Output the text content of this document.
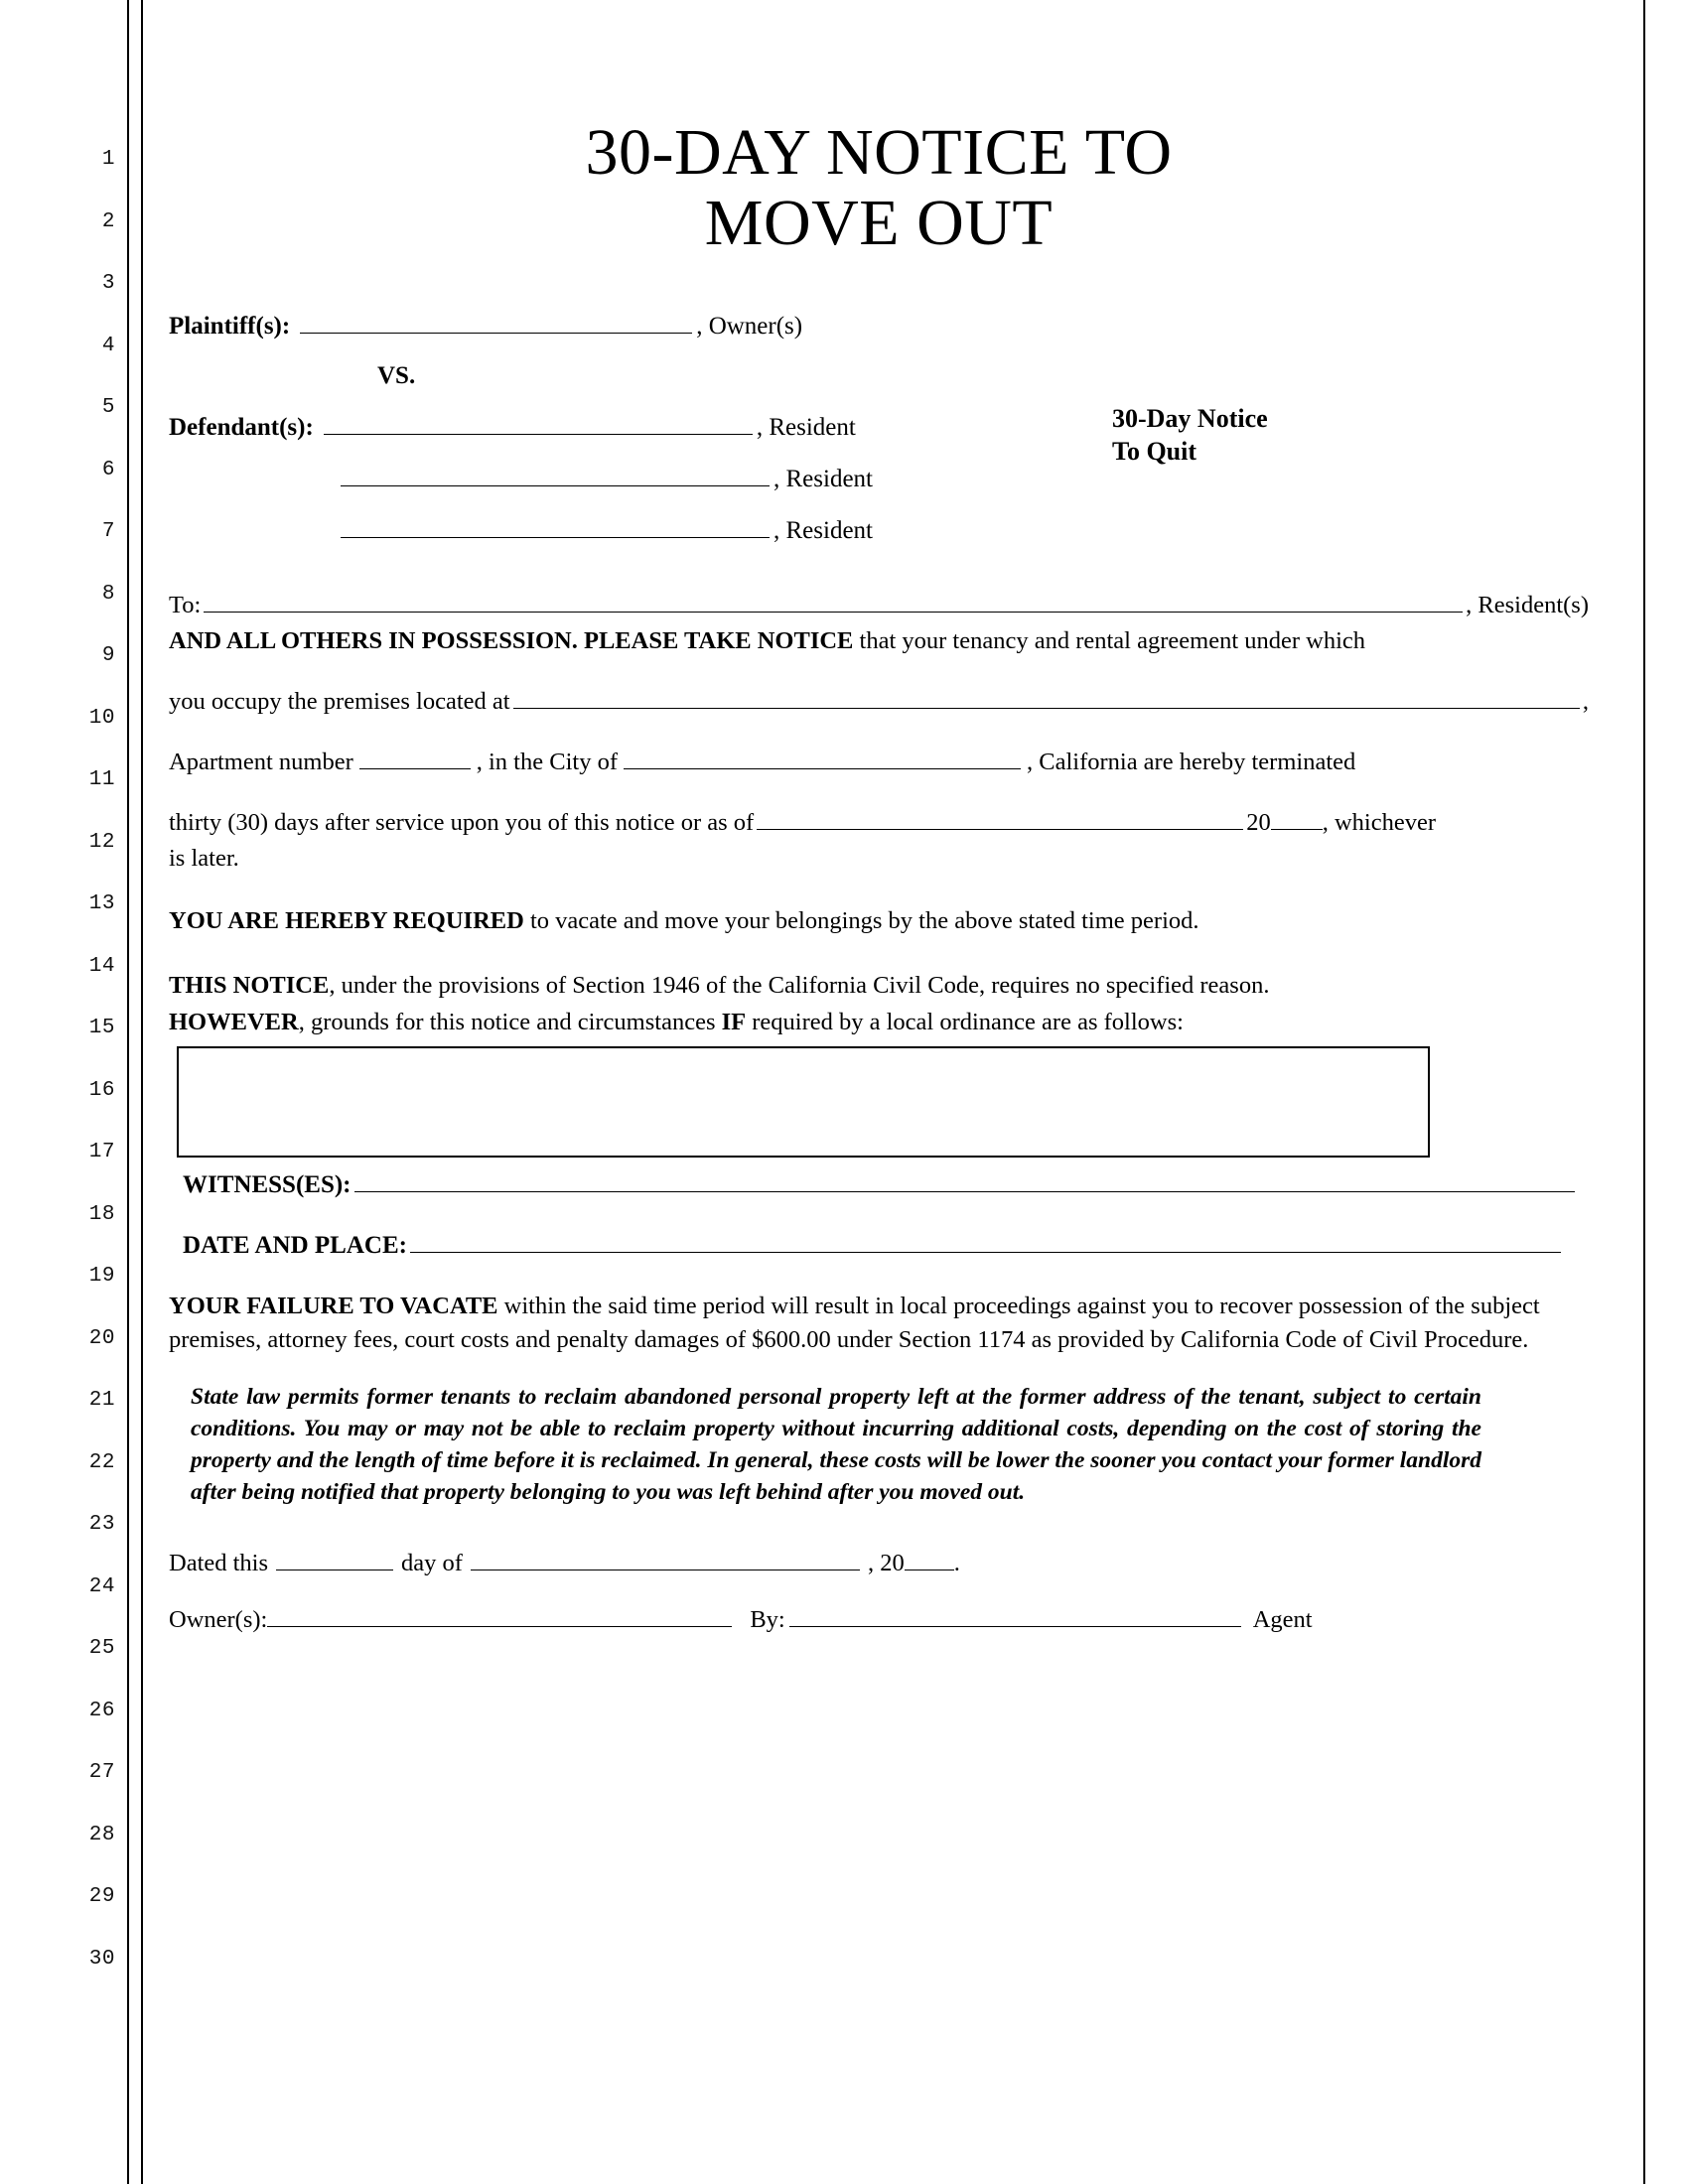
1
2
3
4
5
6
7
8
9
10
11
12
13
14
15
16
17
18
19
20
21
22
23
24
25
26
27
28
29
30
30-DAY NOTICE TO
MOVE OUT
30-Day Notice
To Quit
Plaintiff(s):	, Owner(s)
VS.
Defendant(s):	, Resident
, Resident
, Resident
To:	, Resident(s)

AND ALL OTHERS IN POSSESSION. PLEASE TAKE NOTICE that your tenancy and rental agreement under which

you occupy the premises located at	,
Apartment number	, in the City of	, California are hereby terminated
thirty (30) days after service upon you of this notice or as of	20 , whichever

is later.

YOU ARE HEREBY REQUIRED to vacate and move your belongings by the above stated time period.

THIS NOTICE, under the provisions of Section 1946 of the California Civil Code, requires no specified reason.

HOWEVER, grounds for this notice and circumstances IF required by a local ordinance are as follows:

WITNESS(ES):
DATE AND PLACE:

YOUR FAILURE TO VACATE within the said time period will result in local proceedings against you to recover possession of the subject premises, attorney fees, court costs and penalty damages of $600.00 under Section 1174 as provided by California Code of Civil Procedure.

State law permits former tenants to reclaim abandoned personal property left at the former address of the tenant, subject to certain conditions. You may or may not be able to reclaim property without incurring additional costs, depending on the cost of storing the property and the length of time before it is reclaimed. In general, these costs will be lower the sooner you contact your former landlord after being notified that property belonging to you was left behind after you moved out.
Dated this	day of	, 20 .
Owner(s):	By:	Agent
